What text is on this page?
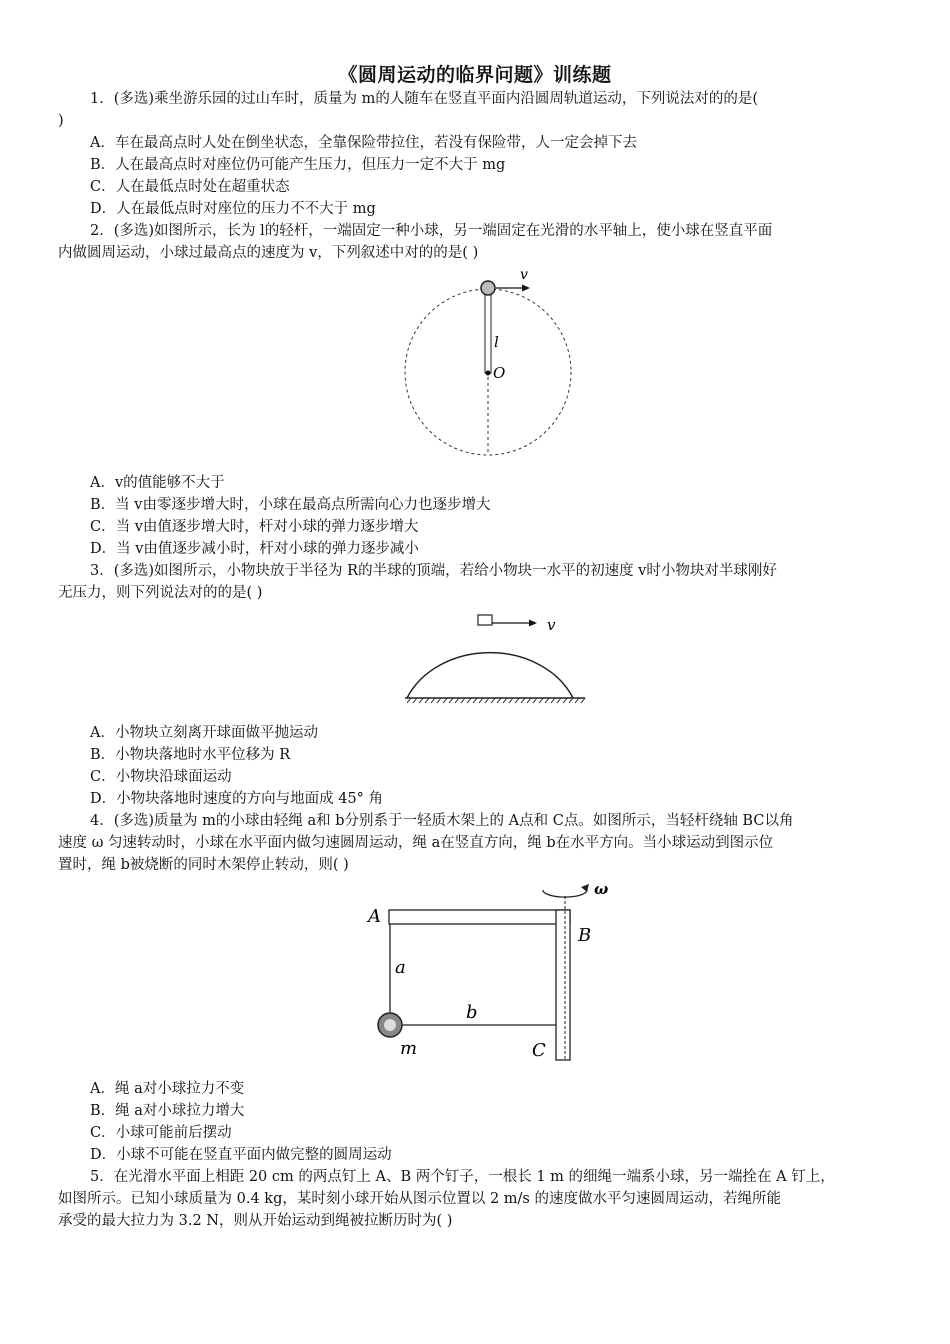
《圆周运动的临界问题》训练题
1．(多选)乘坐游乐园的过山车时，质量为 m的人随车在竖直平面内沿圆周轨道运动，下列说法对的的是(
)
A．车在最高点时人处在倒坐状态，全靠保险带拉住，若没有保险带，人一定会掉下去
B．人在最高点时对座位仍可能产生压力，但压力一定不大于 mg
C．人在最低点时处在超重状态
D．人在最低点时对座位的压力不不大于 mg
2．(多选)如图所示，长为 l的轻杆，一端固定一种小球，另一端固定在光滑的水平轴上，使小球在竖直平面
内做圆周运动，小球过最高点的速度为 v，下列叙述中对的的是( )
v
l
O
A．v的值能够不大于
B．当 v由零逐步增大时，小球在最高点所需向心力也逐步增大
C．当 v由值逐步增大时，杆对小球的弹力逐步增大
D．当 v由值逐步减小时，杆对小球的弹力逐步减小
3．(多选)如图所示，小物块放于半径为 R的半球的顶端，若给小物块一水平的初速度 v时小物块对半球刚好
无压力，则下列说法对的的是( )
v
A．小物块立刻离开球面做平抛运动
B．小物块落地时水平位移为 R
C．小物块沿球面运动
D．小物块落地时速度的方向与地面成 45° 角
4．(多选)质量为 m的小球由轻绳 a和 b分别系于一轻质木架上的 A点和 C点。如图所示，当轻杆绕轴 BC以角
速度 ω 匀速转动时，小球在水平面内做匀速圆周运动，绳 a在竖直方向，绳 b在水平方向。当小球运动到图示位
置时，绳 b被烧断的同时木架停止转动，则( )
ω
A
B
C
a
b
m
A．绳 a对小球拉力不变
B．绳 a对小球拉力增大
C．小球可能前后摆动
D．小球不可能在竖直平面内做完整的圆周运动
5．在光滑水平面上相距 20 cm 的两点钉上 A、B 两个钉子，一根长 1 m 的细绳一端系小球，另一端拴在 A 钉上，
如图所示。已知小球质量为 0.4 kg，某时刻小球开始从图示位置以 2 m/s 的速度做水平匀速圆周运动，若绳所能
承受的最大拉力为 3.2 N，则从开始运动到绳被拉断历时为( )
